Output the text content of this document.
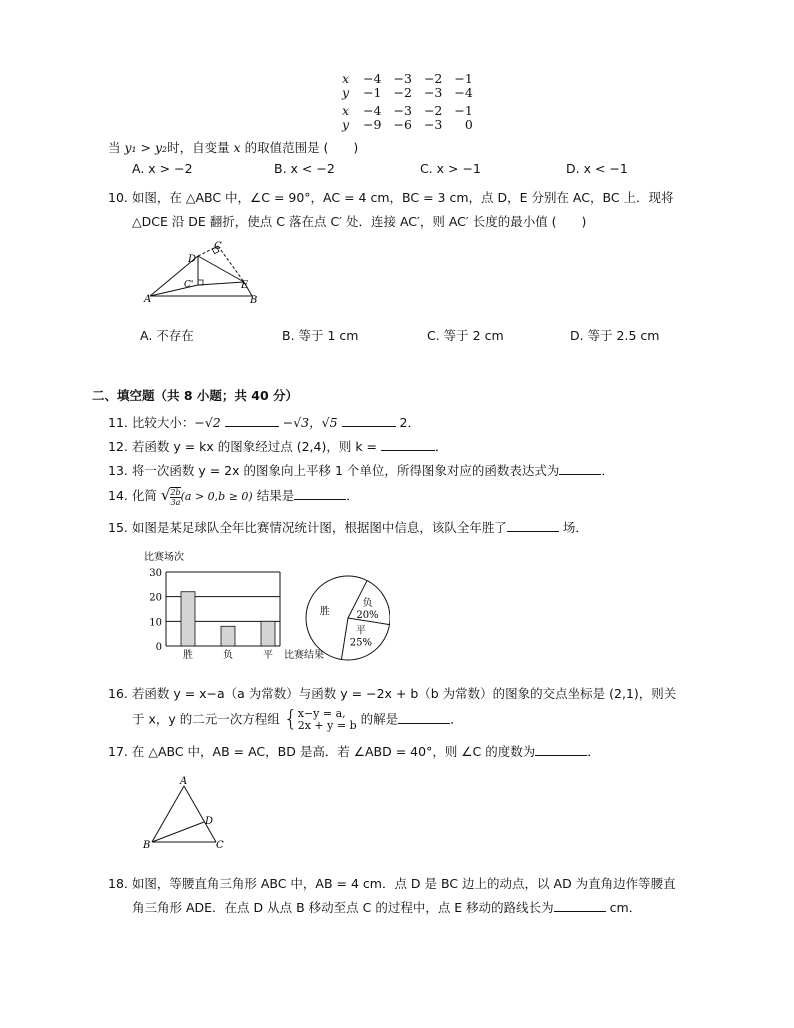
x	−4	−3	−2	−1
y	−1	−2	−3	−4
x	−4	−3	−2	−1
y	−9	−6	−3	0
当 y₁ > y₂时，自变量 x 的取值范围是 (　　)
A. x > −2	B. x < −2	C. x > −1	D. x < −1
10. 如图，在 △ABC 中，∠C = 90°，AC = 4 cm，BC = 3 cm，点 D，E 分别在 AC，BC 上．现将
△DCE 沿 DE 翻折，使点 C 落在点 C′ 处．连接 AC′，则 AC′ 长度的最小值 (　　)
C
D
C'	E
A	B
A. 不存在	B. 等于 1 cm	C. 等于 2 cm	D. 等于 2.5 cm
二、填空题（共 8 小题；共 40 分）
11. 比较大小：−√2	−√3，√5	2．
12. 若函数 y = kx 的图象经过点 (2,4)，则 k =	．
13. 将一次函数 y = 2x 的图象向上平移 1 个单位，所得图象对应的函数表达式为	．
14. 化简 √ $\frac{2b}{3a} (a > 0,b \ge 0)$ 结果是	．
15. 如图是某足球队全年比赛情况统计图，根据图中信息，该队全年胜了	场．
比赛场次
30
20
10
0
胜	负	平 比赛结果
负
20%
平
25%
胜
16. 若函数 y = x−a（a 为常数）与函数 y = −2x + b（b 为常数）的图象的交点坐标是 (2,1)，则关
于 x，y 的二元一次方程组 { x−y = a,
2x + y = b 的解是	．
17. 在 △ABC 中，AB = AC，BD 是高．若 ∠ABD = 40°，则 ∠C 的度数为	．
A
B	C
D
18. 如图，等腰直角三角形 ABC 中，AB = 4 cm．点 D 是 BC 边上的动点，以 AD 为直角边作等腰直
角三角形 ADE．在点 D 从点 B 移动至点 C 的过程中，点 E 移动的路线长为	cm．
